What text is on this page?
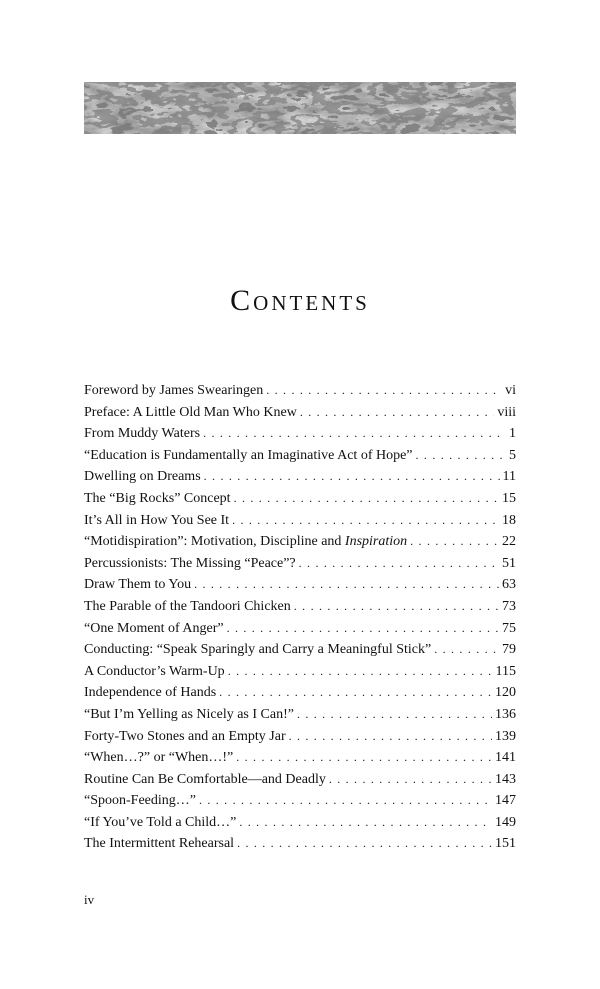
Contents
Foreword by James Swearingen . . .	vi
Preface: A Little Old Man Who Knew . . .	viii
From Muddy Waters . . .	1
“Education is Fundamentally an Imaginative Act of Hope” . . .	5
Dwelling on Dreams . . .	11
The “Big Rocks” Concept . . .	15
It’s All in How You See It . . .	18
“Motidispiration”: Motivation, Discipline and Inspiration . . .	22
Percussionists: The Missing “Peace”? . . .	51
Draw Them to You . . .	63
The Parable of the Tandoori Chicken . . .	73
“One Moment of Anger” . . .	75
Conducting: “Speak Sparingly and Carry a Meaningful Stick” . . .	79
A Conductor’s Warm-Up . . .	115
Independence of Hands . . .	120
“But I’m Yelling as Nicely as I Can!” . . .	136
Forty-Two Stones and an Empty Jar . . .	139
“When…?” or “When…!” . . .	141
Routine Can Be Comfortable—and Deadly . . .	143
“Spoon-Feeding…” . . .	147
“If You’ve Told a Child…” . . .	149
The Intermittent Rehearsal . . .	151
iv
